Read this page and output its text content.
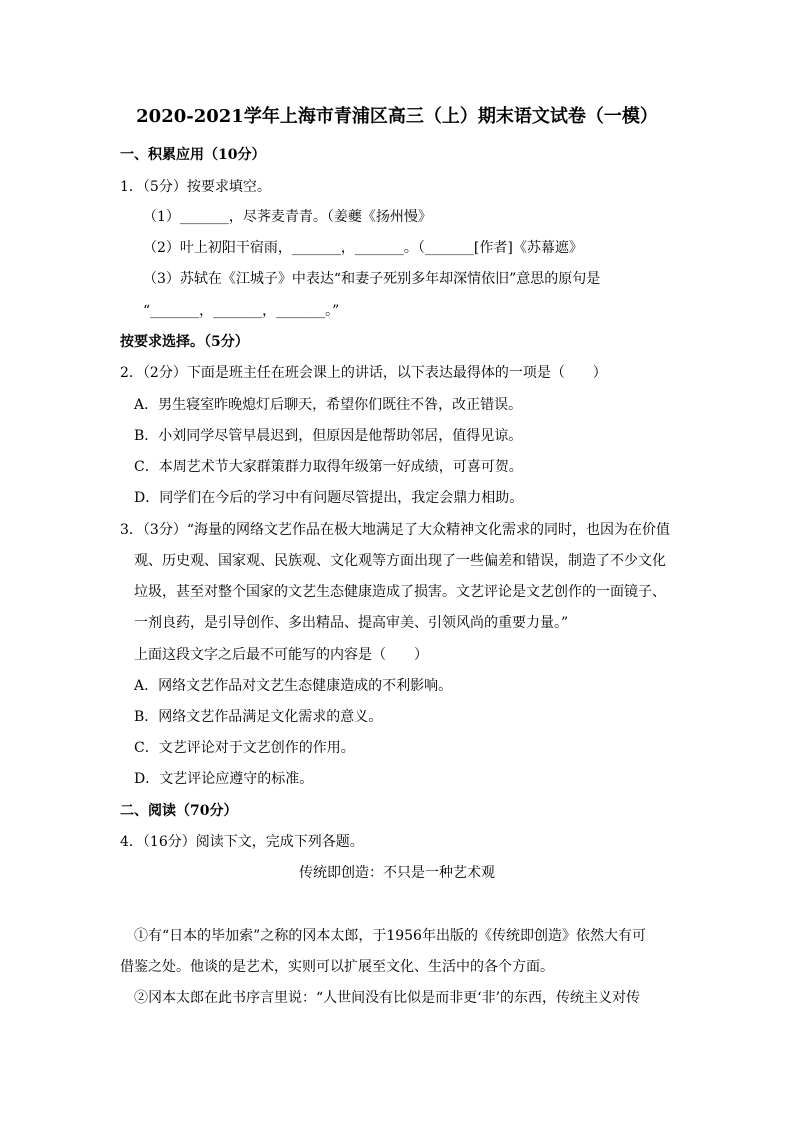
2020-2021学年上海市青浦区高三（上）期末语文试卷（一模）
一、积累应用（10分）
1．（5分）按要求填空。
（1）_______，尽荠麦青青。（姜夔《扬州慢》
（2）叶上初阳干宿雨，_______，_______。（_______[作者]《苏幕遮》
（3）苏轼在《江城子》中表达“和妻子死别多年却深情依旧”意思的原句是
“_______，_______，_______。”
按要求选择。（5分）
2．（2分）下面是班主任在班会课上的讲话，以下表达最得体的一项是（　　）
A．男生寝室昨晚熄灯后聊天，希望你们既往不咎，改正错误。
B．小刘同学尽管早晨迟到，但原因是他帮助邻居，值得见谅。
C．本周艺术节大家群策群力取得年级第一好成绩，可喜可贺。
D．同学们在今后的学习中有问题尽管提出，我定会鼎力相助。
3．（3分）“海量的网络文艺作品在极大地满足了大众精神文化需求的同时，也因为在价值
观、历史观、国家观、民族观、文化观等方面出现了一些偏差和错误，制造了不少文化
垃圾，甚至对整个国家的文艺生态健康造成了损害。文艺评论是文艺创作的一面镜子、
一剂良药，是引导创作、多出精品、提高审美、引领风尚的重要力量。”
上面这段文字之后最不可能写的内容是（　　）
A．网络文艺作品对文艺生态健康造成的不利影响。
B．网络文艺作品满足文化需求的意义。
C．文艺评论对于文艺创作的作用。
D．文艺评论应遵守的标准。
二、阅读（70分）
4．（16分）阅读下文，完成下列各题。
传统即创造：不只是一种艺术观
①有“日本的毕加索”之称的冈本太郎，于1956年出版的《传统即创造》依然大有可
借鉴之处。他谈的是艺术，实则可以扩展至文化、生活中的各个方面。
②冈本太郎在此书序言里说：“人世间没有比似是而非更‘非’的东西，传统主义对传
